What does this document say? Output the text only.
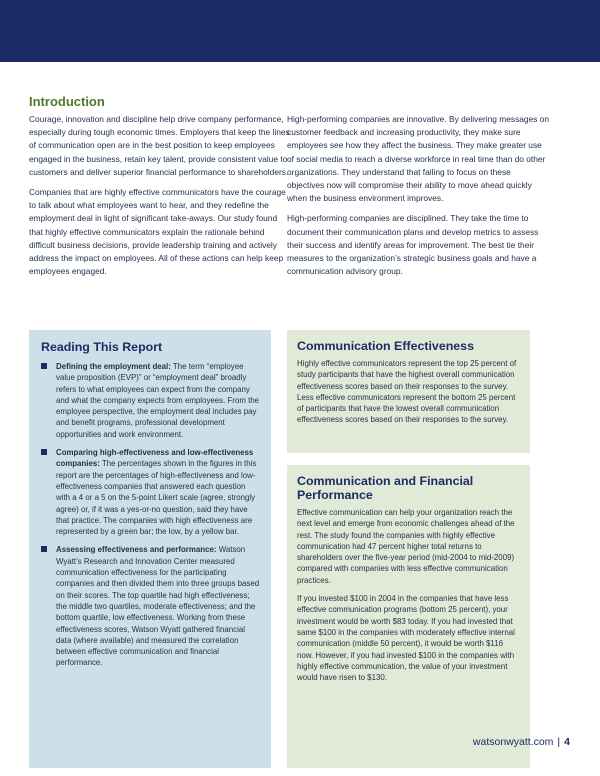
Introduction

Courage, innovation and discipline help drive company performance, especially during tough economic times. Employers that keep the lines of communication open are in the best position to keep employees engaged in the business, retain key talent, provide consistent value to customers and deliver superior financial performance to shareholders.

Companies that are highly effective communicators have the courage to talk about what employees want to hear, and they redefine the employment deal in light of significant take-aways. Our study found that highly effective communicators explain the rationale behind difficult business decisions, provide leadership training and actively address the impact on employees. All of these actions can help keep employees engaged.

High-performing companies are innovative. By delivering messages on customer feedback and increasing productivity, they make sure employees see how they affect the business. They make greater use of social media to reach a diverse workforce in real time than do other organizations. They understand that failing to focus on these objectives now will compromise their ability to move ahead quickly when the business environment improves.

High-performing companies are disciplined. They take the time to document their communication plans and develop metrics to assess their success and identify areas for improvement. The best tie their measures to the organization’s strategic business goals and have a communication advisory group.

Reading This Report
Defining the employment deal: The term “employee value proposition (EVP)” or “employment deal” broadly refers to what employees can expect from the company and what the company expects from employees. From the employee perspective, the employment deal includes pay and benefit programs, professional development opportunities and work environment.
Comparing high-effectiveness and low-effectiveness companies: The percentages shown in the figures in this report are the percentages of high-effectiveness and low-effectiveness companies that answered each question with a 4 or a 5 on the 5-point Likert scale (agree, strongly agree) or, if it was a yes-or-no question, said they have that practice. The companies with high effectiveness are represented by a green bar; the low, by a yellow bar.
Assessing effectiveness and performance: Watson Wyatt’s Research and Innovation Center measured communication effectiveness for the participating companies and then divided them into three groups based on their scores. The top quartile had high effectiveness; the middle two quartiles, moderate effectiveness; and the bottom quartile, low effectiveness. Working from these effectiveness scores, Watson Wyatt gathered financial data (where available) and measured the correlation between effective communication and financial performance.
Communication Effectiveness

Highly effective communicators represent the top 25 percent of study participants that have the highest overall communication effectiveness scores based on their responses to the survey. Less effective communicators represent the bottom 25 percent of participants that have the lowest overall communication effectiveness scores based on their responses to the survey.

Communication and Financial Performance

Effective communication can help your organization reach the next level and emerge from economic challenges ahead of the rest. The study found the companies with highly effective communication had 47 percent higher total returns to shareholders over the five-year period (mid-2004 to mid-2009) compared with companies with less effective communication practices.

If you invested $100 in 2004 in the companies that have less effective communication programs (bottom 25 percent), your investment would be worth $83 today. If you had invested that same $100 in the companies with moderately effective internal communication (middle 50 percent), it would be worth $116 now. However, if you had invested $100 in the companies with highly effective communication, the value of your investment would have risen to $130.

watsonwyatt.com | 4
